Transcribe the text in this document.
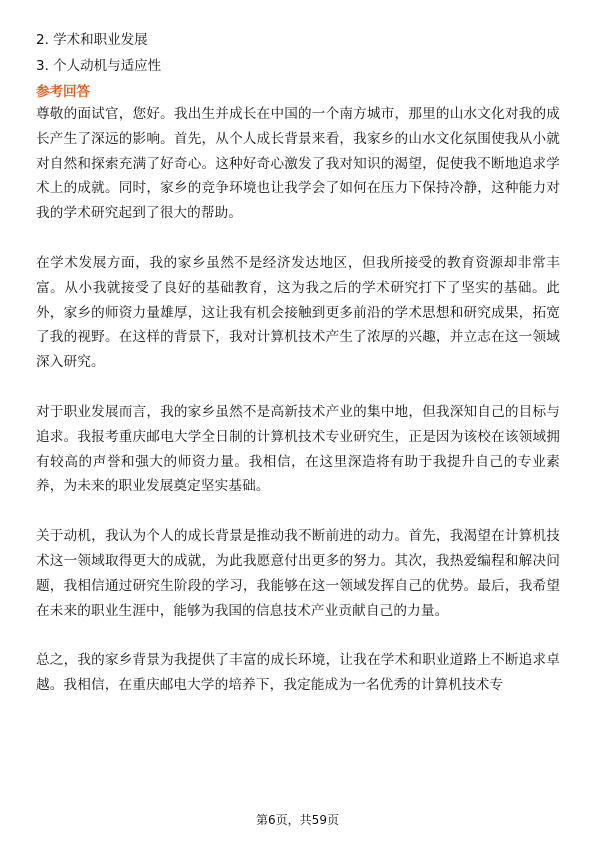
2. 学术和职业发展
3. 个人动机与适应性
参考回答

尊敬的面试官，您好。我出生并成长在中国的一个南方城市，那里的山水文化对我的成长产生了深远的影响。首先，从个人成长背景来看，我家乡的山水文化氛围使我从小就对自然和探索充满了好奇心。这种好奇心激发了我对知识的渴望，促使我不断地追求学术上的成就。同时，家乡的竞争环境也让我学会了如何在压力下保持冷静，这种能力对我的学术研究起到了很大的帮助。

在学术发展方面，我的家乡虽然不是经济发达地区，但我所接受的教育资源却非常丰富。从小我就接受了良好的基础教育，这为我之后的学术研究打下了坚实的基础。此外，家乡的师资力量雄厚，这让我有机会接触到更多前沿的学术思想和研究成果，拓宽了我的视野。在这样的背景下，我对计算机技术产生了浓厚的兴趣，并立志在这一领域深入研究。

对于职业发展而言，我的家乡虽然不是高新技术产业的集中地，但我深知自己的目标与追求。我报考重庆邮电大学全日制的计算机技术专业研究生，正是因为该校在该领域拥有较高的声誉和强大的师资力量。我相信，在这里深造将有助于我提升自己的专业素养，为未来的职业发展奠定坚实基础。

关于动机，我认为个人的成长背景是推动我不断前进的动力。首先，我渴望在计算机技术这一领域取得更大的成就，为此我愿意付出更多的努力。其次，我热爱编程和解决问题，我相信通过研究生阶段的学习，我能够在这一领域发挥自己的优势。最后，我希望在未来的职业生涯中，能够为我国的信息技术产业贡献自己的力量。

总之，我的家乡背景为我提供了丰富的成长环境，让我在学术和职业道路上不断追求卓越。我相信，在重庆邮电大学的培养下，我定能成为一名优秀的计算机技术专

第6页，共59页
